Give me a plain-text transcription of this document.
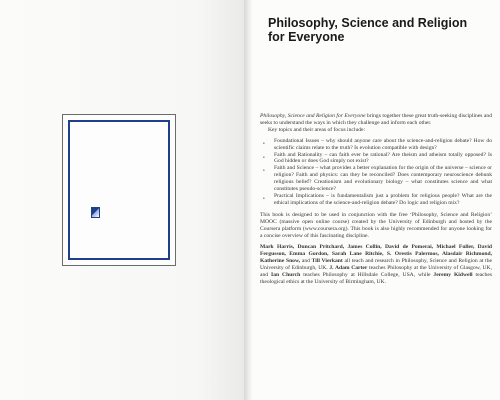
Philosophy, Science and Religion
for Everyone

Philosophy, Science and Religion for Everyone brings together these great truth-seeking disciplines and seeks to understand the ways in which they challenge and inform each other.

Key topics and their areas of focus include:

•
Foundational Issues – why should anyone care about the science-and-religion debate? How do scientific claims relate to the truth? Is evolution compatible with design?
•
Faith and Rationality – can faith ever be rational? Are theism and atheism totally opposed? Is God hidden or does God simply not exist?
•
Faith and Science – what provides a better explanation for the origin of the universe – science or religion? Faith and physics: can they be reconciled? Does contemporary neuroscience debunk religious belief? Creationism and evolutionary biology – what constitutes science and what constitutes pseudo-science?
•
Practical Implications – is fundamentalism just a problem for religious people? What are the ethical implications of the science-and-religion debate? Do logic and religion mix?

This book is designed to be used in conjunction with the free ‘Philosophy, Science and Religion’ MOOC (massive open online course) created by the University of Edinburgh and hosted by the Coursera platform (www.coursera.org). This book is also highly recommended for anyone looking for a concise overview of this fascinating discipline.

Mark Harris, Duncan Pritchard, James Collin, David de Pomerai, Michael Fuller, David Fergusson, Emma Gordon, Sarah Lane Ritchie, S. Orestis Palermos, Alasdair Richmond, Katherine Snow, and Till Vierkant all teach and research in Philosophy, Science and Religion at the University of Edinburgh, UK. J. Adam Carter teaches Philosophy at the University of Glasgow, UK, and Ian Church teaches Philosophy at Hillsdale College, USA, while Jeremy Kidwell teaches theological ethics at the University of Birmingham, UK.
